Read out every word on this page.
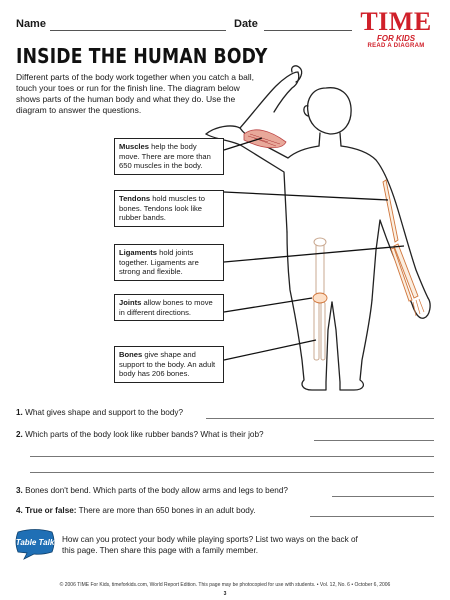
Name	Date	TIME
FOR KIDS
READ A DIAGRAM
INSIDE THE HUMAN BODY
Different parts of the body work together when you catch a ball, touch your toes or run for the finish line. The diagram below shows parts of the human body and what they do. Use the diagram to answer the questions.
Muscles help the body move. There are more than 650 muscles in the body.
Tendons hold muscles to bones. Tendons look like rubber bands.
Ligaments hold joints together. Ligaments are strong and flexible.
Joints allow bones to move in different directions.
Bones give shape and support to the body. An adult body has 206 bones.
1. What gives shape and support to the body?
2. Which parts of the body look like rubber bands? What is their job?
3. Bones don't bend. Which parts of the body allow arms and legs to bend?
4. True or false: There are more than 650 bones in an adult body.
Table Talk How can you protect your body while playing sports? List two ways on the back of this page. Then share this page with a family member.
© 2006 TIME For Kids, timeforkids.com, World Report Edition. This page may be photocopied for use with students. • Vol. 12, No. 6 • October 6, 2006
3
